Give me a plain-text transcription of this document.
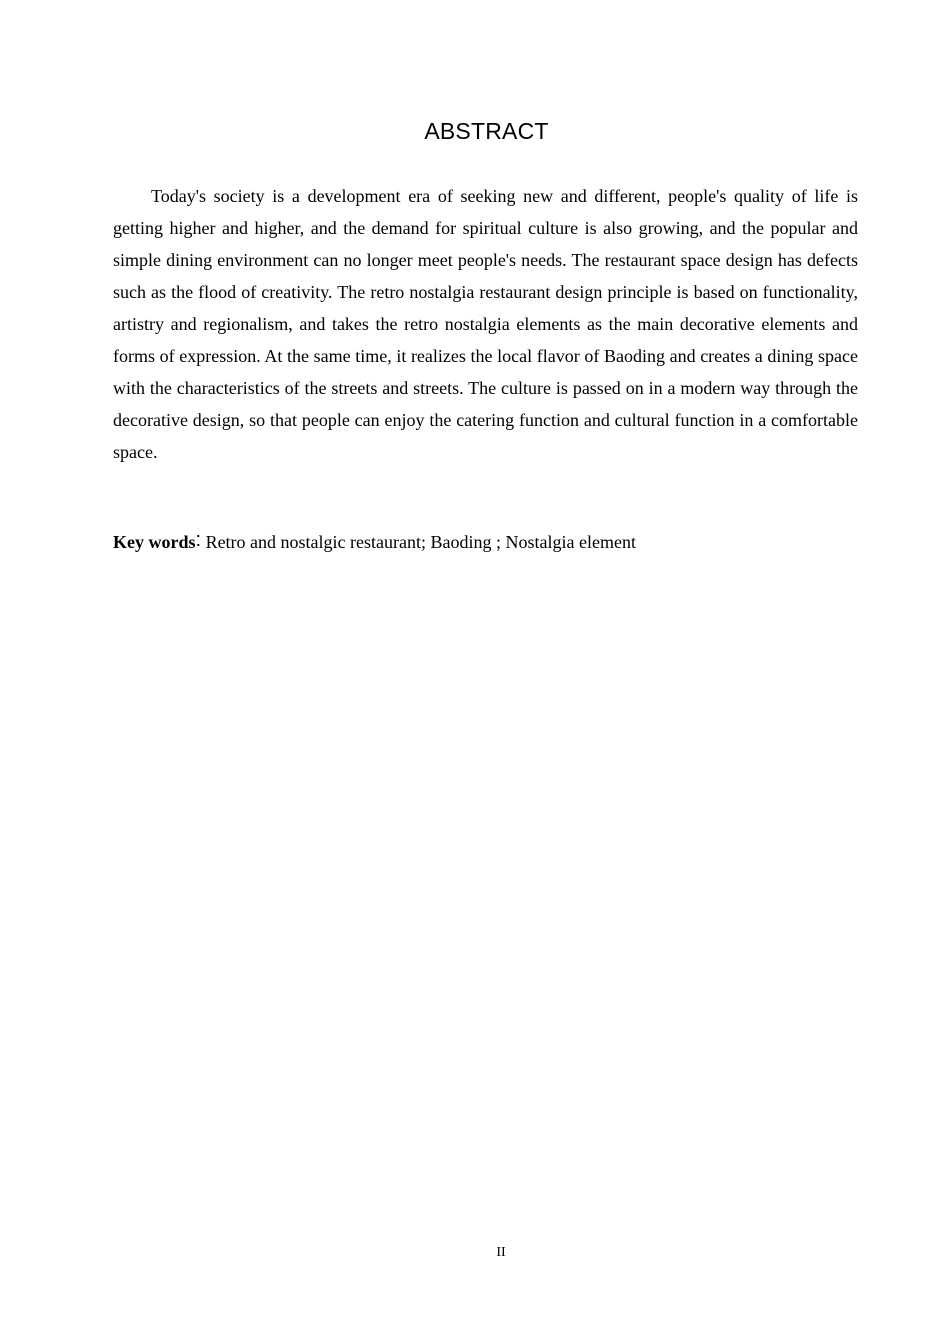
ABSTRACT

Today's society is a development era of seeking new and different, people's quality of life is getting higher and higher, and the demand for spiritual culture is also growing, and the popular and simple dining environment can no longer meet people's needs. The restaurant space design has defects such as the flood of creativity. The retro nostalgia restaurant design principle is based on functionality, artistry and regionalism, and takes the retro nostalgia elements as the main decorative elements and forms of expression. At the same time, it realizes the local flavor of Baoding and creates a dining space with the characteristics of the streets and streets. The culture is passed on in a modern way through the decorative design, so that people can enjoy the catering function and cultural function in a comfortable space.

Key words: Retro and nostalgic restaurant; Baoding ; Nostalgia element
II
